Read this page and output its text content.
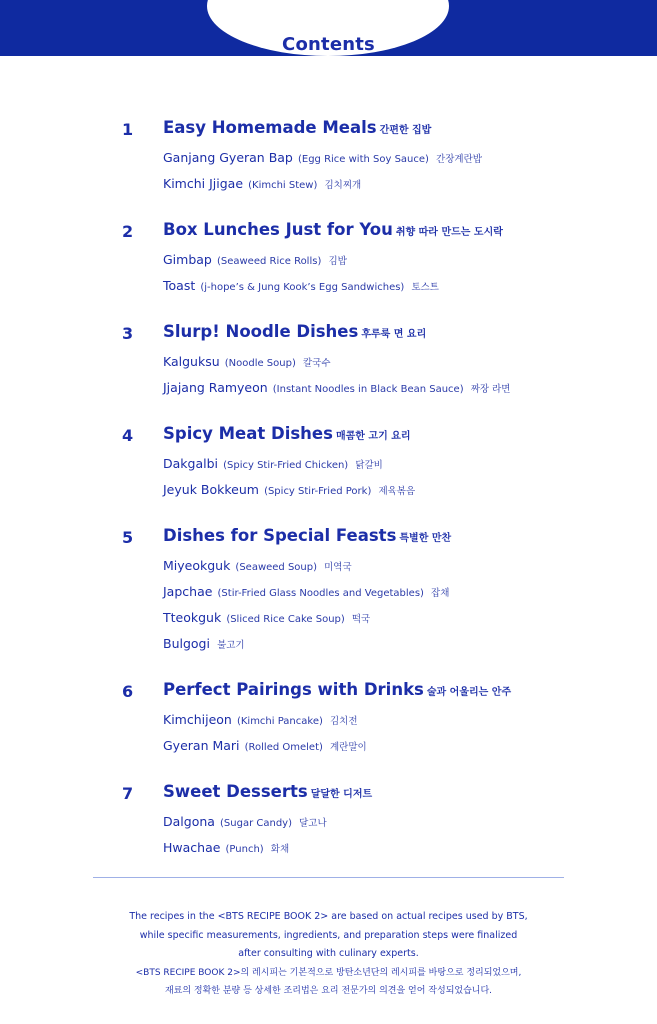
Contents
1 Easy Homemade Meals 간편한 집밥
Ganjang Gyeran Bap (Egg Rice with Soy Sauce) 간장계란밥
Kimchi Jjigae (Kimchi Stew) 김치찌개
2 Box Lunches Just for You 취향 따라 만드는 도시락
Gimbap (Seaweed Rice Rolls) 김밥
Toast (j-hope’s & Jung Kook’s Egg Sandwiches) 토스트
3 Slurp! Noodle Dishes 후루룩 면 요리
Kalguksu (Noodle Soup) 칼국수
Jjajang Ramyeon (Instant Noodles in Black Bean Sauce) 짜장 라면
4 Spicy Meat Dishes 매콤한 고기 요리
Dakgalbi (Spicy Stir-Fried Chicken) 닭갈비
Jeyuk Bokkeum (Spicy Stir-Fried Pork) 제육볶음
5 Dishes for Special Feasts 특별한 만찬
Miyeokguk (Seaweed Soup) 미역국
Japchae (Stir-Fried Glass Noodles and Vegetables) 잡채
Tteokguk (Sliced Rice Cake Soup) 떡국
Bulgogi 불고기
6 Perfect Pairings with Drinks 술과 어울리는 안주
Kimchijeon (Kimchi Pancake) 김치전
Gyeran Mari (Rolled Omelet) 계란말이
7 Sweet Desserts 달달한 디저트
Dalgona (Sugar Candy) 달고나
Hwachae (Punch) 화채
The recipes in the <BTS RECIPE BOOK 2> are based on actual recipes used by BTS,
while specific measurements, ingredients, and preparation steps were finalized
after consulting with culinary experts.
<BTS RECIPE BOOK 2>의 레시피는 기본적으로 방탄소년단의 레시피를 바탕으로 정리되었으며,
재료의 정확한 분량 등 상세한 조리법은 요리 전문가의 의견을 얻어 작성되었습니다.
